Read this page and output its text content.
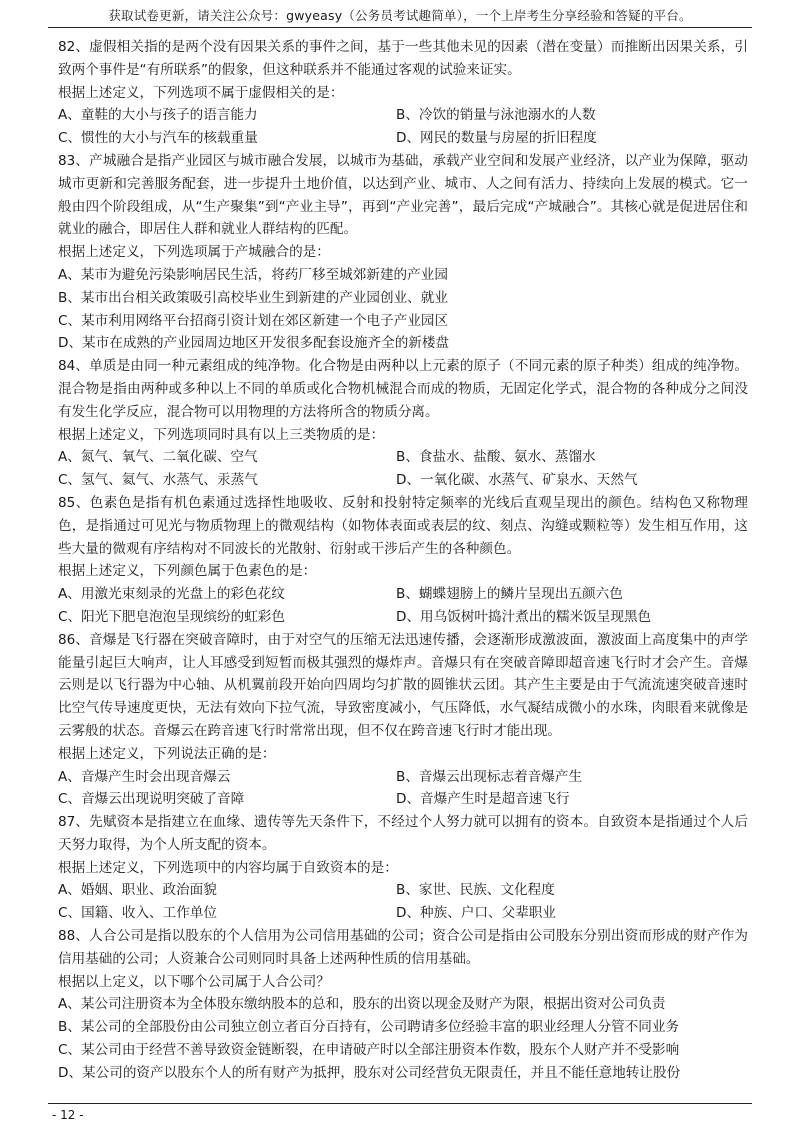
获取试卷更新，请关注公众号：gwyeasy（公务员考试趣简单），一个上岸考生分享经验和答疑的平台。

82、虚假相关指的是两个没有因果关系的事件之间，基于一些其他未见的因素（潜在变量）而推断出因果关系，引致两个事件是“有所联系”的假象，但这种联系并不能通过客观的试验来证实。

根据上述定义，下列选项不属于虚假相关的是：
A、童鞋的大小与孩子的语言能力	B、冷饮的销量与泳池溺水的人数
C、惯性的大小与汽车的核载重量	D、网民的数量与房屋的折旧程度

83、产城融合是指产业园区与城市融合发展，以城市为基础，承载产业空间和发展产业经济，以产业为保障，驱动城市更新和完善服务配套，进一步提升土地价值，以达到产业、城市、人之间有活力、持续向上发展的模式。它一般由四个阶段组成，从“生产聚集”到“产业主导”，再到“产业完善”，最后完成“产城融合”。其核心就是促进居住和就业的融合，即居住人群和就业人群结构的匹配。

根据上述定义，下列选项属于产城融合的是：
A、某市为避免污染影响居民生活，将药厂移至城郊新建的产业园
B、某市出台相关政策吸引高校毕业生到新建的产业园创业、就业
C、某市利用网络平台招商引资计划在郊区新建一个电子产业园区
D、某市在成熟的产业园周边地区开发很多配套设施齐全的新楼盘

84、单质是由同一种元素组成的纯净物。化合物是由两种以上元素的原子（不同元素的原子种类）组成的纯净物。混合物是指由两种或多种以上不同的单质或化合物机械混合而成的物质，无固定化学式，混合物的各种成分之间没有发生化学反应，混合物可以用物理的方法将所含的物质分离。

根据上述定义，下列选项同时具有以上三类物质的是：
A、氮气、氧气、二氧化碳、空气	B、食盐水、盐酸、氨水、蒸馏水
C、氢气、氦气、水蒸气、汞蒸气	D、一氧化碳、水蒸气、矿泉水、天然气

85、色素色是指有机色素通过选择性地吸收、反射和投射特定频率的光线后直观呈现出的颜色。结构色又称物理色，是指通过可见光与物质物理上的微观结构（如物体表面或表层的纹、刻点、沟缝或颗粒等）发生相互作用，这些大量的微观有序结构对不同波长的光散射、衍射或干涉后产生的各种颜色。

根据上述定义，下列颜色属于色素色的是：
A、用激光束刻录的光盘上的彩色花纹	B、蝴蝶翅膀上的鳞片呈现出五颜六色
C、阳光下肥皂泡泡呈现缤纷的虹彩色	D、用乌饭树叶捣汁煮出的糯米饭呈现黑色

86、音爆是飞行器在突破音障时，由于对空气的压缩无法迅速传播，会逐渐形成激波面，激波面上高度集中的声学能量引起巨大响声，让人耳感受到短暂而极其强烈的爆炸声。音爆只有在突破音障即超音速飞行时才会产生。音爆云则是以飞行器为中心轴、从机翼前段开始向四周均匀扩散的圆锥状云团。其产生主要是由于气流流速突破音速时比空气传导速度更快，无法有效向下拉气流，导致密度减小，气压降低，水气凝结成微小的水珠，肉眼看来就像是云雾般的状态。音爆云在跨音速飞行时常常出现，但不仅在跨音速飞行时才能出现。

根据上述定义，下列说法正确的是：
A、音爆产生时会出现音爆云	B、音爆云出现标志着音爆产生
C、音爆云出现说明突破了音障	D、音爆产生时是超音速飞行

87、先赋资本是指建立在血缘、遗传等先天条件下，不经过个人努力就可以拥有的资本。自致资本是指通过个人后天努力取得，为个人所支配的资本。

根据上述定义，下列选项中的内容均属于自致资本的是：
A、婚姻、职业、政治面貌	B、家世、民族、文化程度
C、国籍、收入、工作单位	D、种族、户口、父辈职业

88、人合公司是指以股东的个人信用为公司信用基础的公司；资合公司是指由公司股东分别出资而形成的财产作为信用基础的公司；人资兼合公司则同时具备上述两种性质的信用基础。

根据以上定义，以下哪个公司属于人合公司？
A、某公司注册资本为全体股东缴纳股本的总和，股东的出资以现金及财产为限，根据出资对公司负责
B、某公司的全部股份由公司独立创立者百分百持有，公司聘请多位经验丰富的职业经理人分管不同业务
C、某公司由于经营不善导致资金链断裂，在申请破产时以全部注册资本作数，股东个人财产并不受影响
D、某公司的资产以股东个人的所有财产为抵押，股东对公司经营负无限责任，并且不能任意地转让股份
- 12 -
